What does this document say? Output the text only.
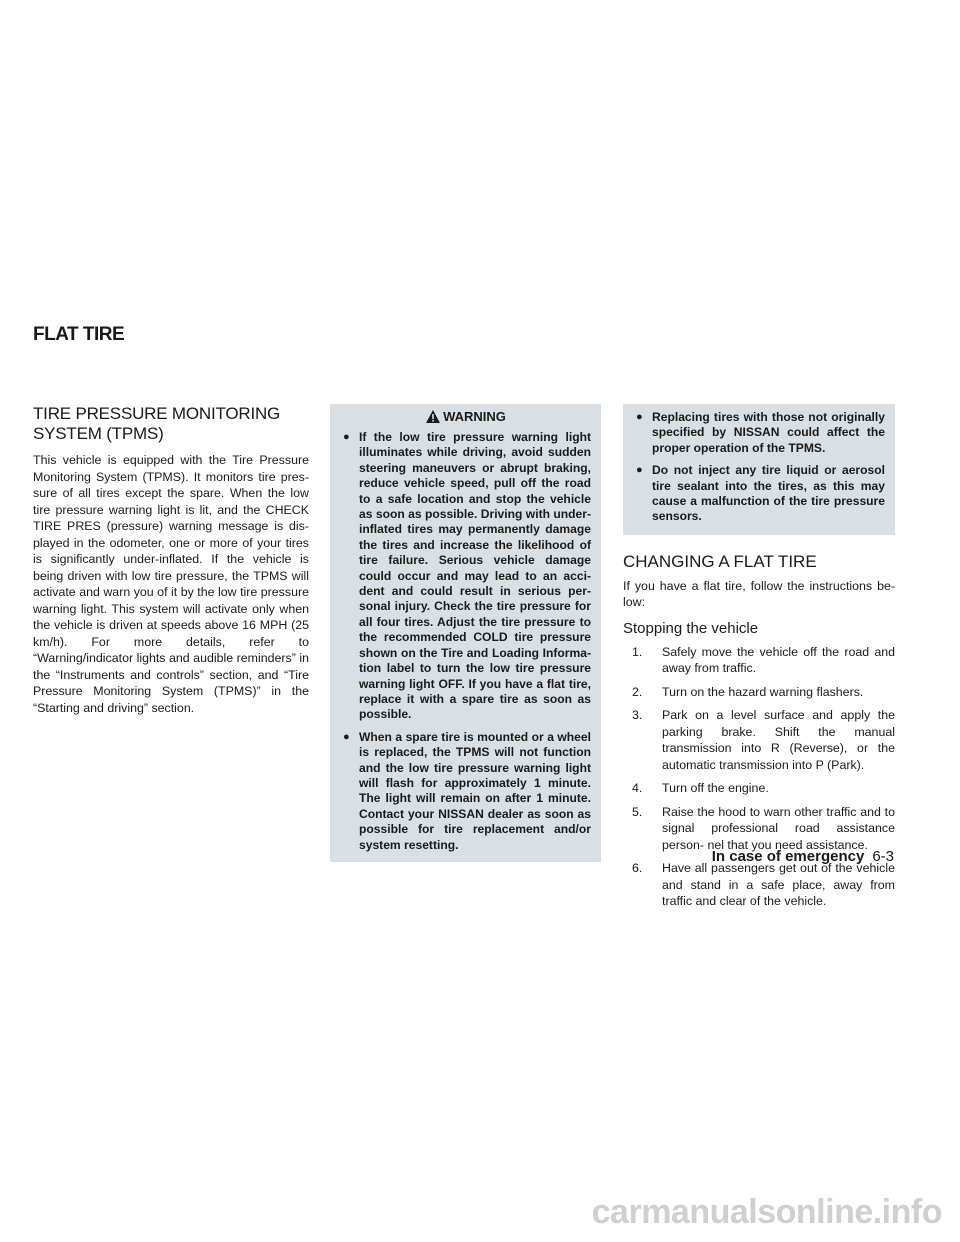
FLAT TIRE
TIRE PRESSURE MONITORING
SYSTEM (TPMS)

This vehicle is equipped with the Tire Pressure Monitoring System (TPMS). It monitors tire pres- sure of all tires except the spare. When the low tire pressure warning light is lit, and the CHECK TIRE PRES (pressure) warning message is dis- played in the odometer, one or more of your tires is significantly under-inflated. If the vehicle is being driven with low tire pressure, the TPMS will activate and warn you of it by the low tire pressure warning light. This system will activate only when the vehicle is driven at speeds above 16 MPH (25 km/h). For more details, refer to “Warning/indicator lights and audible reminders” in the “Instruments and controls” section, and “Tire Pressure Monitoring System (TPMS)” in the “Starting and driving” section.

WARNING
● If the low tire pressure warning light illuminates while driving, avoid sudden steering maneuvers or abrupt braking, reduce vehicle speed, pull off the road to a safe location and stop the vehicle as soon as possible. Driving with under- inflated tires may permanently damage the tires and increase the likelihood of tire failure. Serious vehicle damage could occur and may lead to an acci- dent and could result in serious per- sonal injury. Check the tire pressure for all four tires. Adjust the tire pressure to the recommended COLD tire pressure shown on the Tire and Loading Informa- tion label to turn the low tire pressure warning light OFF. If you have a flat tire, replace it with a spare tire as soon as possible.
● When a spare tire is mounted or a wheel is replaced, the TPMS will not function and the low tire pressure warning light will flash for approximately 1 minute. The light will remain on after 1 minute. Contact your NISSAN dealer as soon as possible for tire replacement and/or system resetting.
● Replacing tires with those not originally specified by NISSAN could affect the proper operation of the TPMS.
● Do not inject any tire liquid or aerosol tire sealant into the tires, as this may cause a malfunction of the tire pressure sensors.
CHANGING A FLAT TIRE

If you have a flat tire, follow the instructions be- low:

Stopping the vehicle
1. Safely move the vehicle off the road and away from traffic.
2. Turn on the hazard warning flashers.
3. Park on a level surface and apply the parking brake. Shift the manual transmission into R (Reverse), or the automatic transmission into P (Park).
4. Turn off the engine.
5. Raise the hood to warn other traffic and to signal professional road assistance person- nel that you need assistance.
6. Have all passengers get out of the vehicle and stand in a safe place, away from traffic and clear of the vehicle.
In case of emergency 6-3
carmanualsonline.info
